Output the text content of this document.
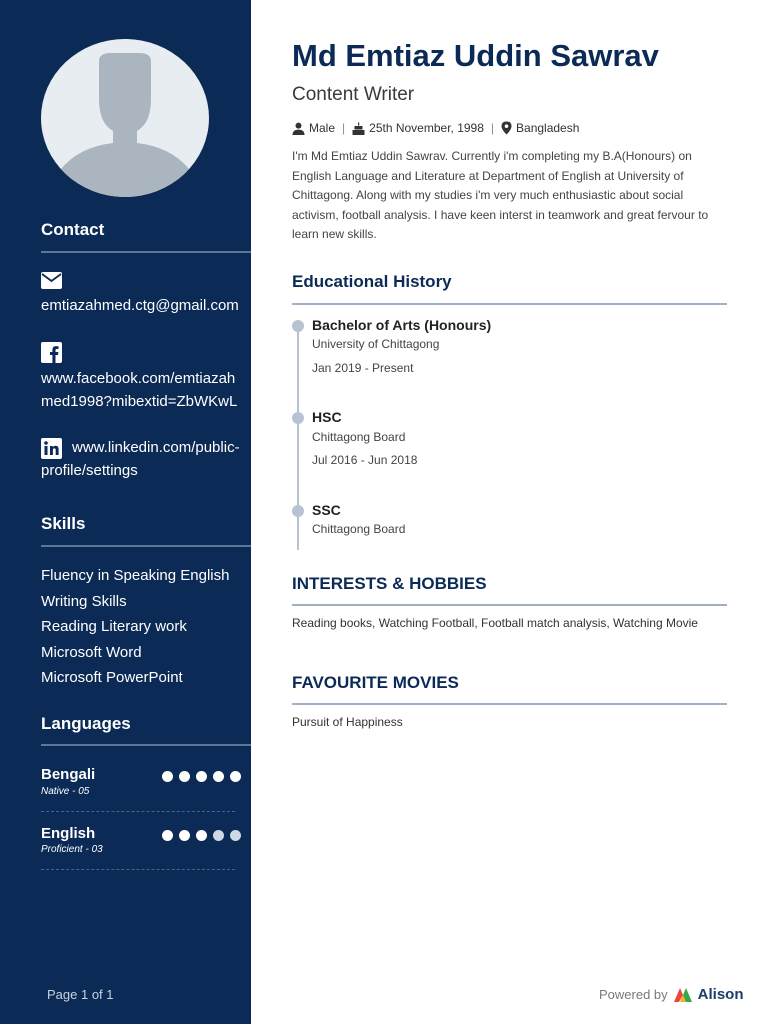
Contact
emtiazahmed.ctg@gmail.com
www.facebook.com/emtiazahmed1998?mibextid=ZbWKwL
www.linkedin.com/public-profile/settings
Skills
Fluency in Speaking English
Writing Skills
Reading Literary work
Microsoft Word
Microsoft PowerPoint
Languages
Bengali
Native - 05
English
Proficient - 03
Page 1 of 1
Md Emtiaz Uddin Sawrav
Content Writer
Male | 25th November, 1998 | Bangladesh
I'm Md Emtiaz Uddin Sawrav. Currently i'm completing my B.A(Honours) on English Language and Literature at Department of English at University of Chittagong. Along with my studies i'm very much enthusiastic about social activism, football analysis. I have keen interst in teamwork and great fervour to learn new skills.
Educational History
Bachelor of Arts (Honours)
University of Chittagong
Jan 2019 - Present
HSC
Chittagong Board
Jul 2016 - Jun 2018
SSC
Chittagong Board
INTERESTS & HOBBIES
Reading books, Watching Football, Football match analysis, Watching Movie
FAVOURITE MOVIES
Pursuit of Happiness
Powered by Alison
